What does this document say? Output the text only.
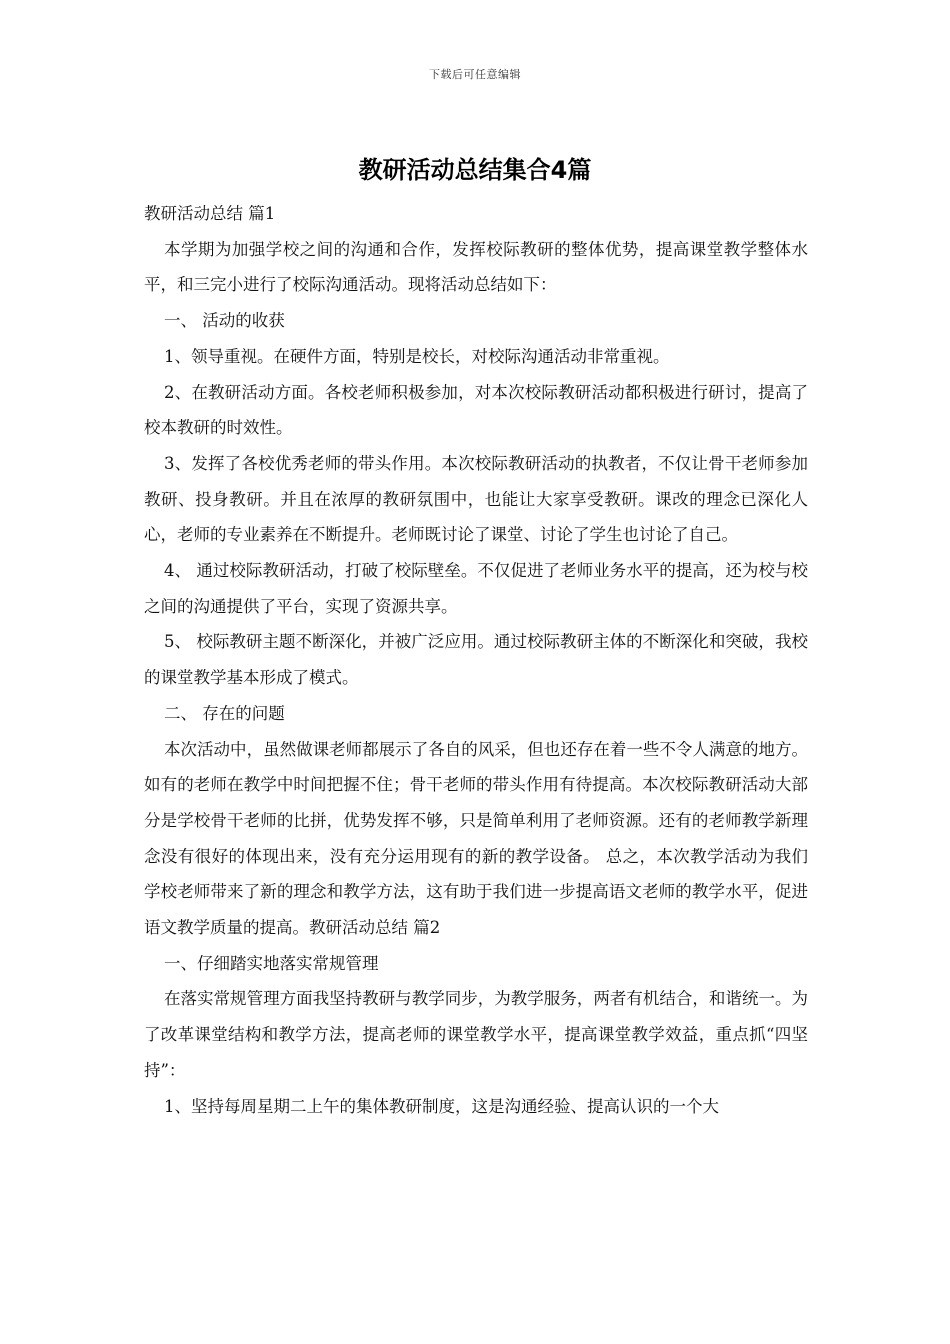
下载后可任意编辑
教研活动总结集合4篇

教研活动总结 篇1

本学期为加强学校之间的沟通和合作，发挥校际教研的整体优势，提高课堂教学整体水平，和三完小进行了校际沟通活动。现将活动总结如下：

一、 活动的收获

1、领导重视。在硬件方面，特别是校长，对校际沟通活动非常重视。

2、在教研活动方面。各校老师积极参加，对本次校际教研活动都积极进行研讨，提高了校本教研的时效性。

3、发挥了各校优秀老师的带头作用。本次校际教研活动的执教者，不仅让骨干老师参加教研、投身教研。并且在浓厚的教研氛围中，也能让大家享受教研。课改的理念已深化人心，老师的专业素养在不断提升。老师既讨论了课堂、讨论了学生也讨论了自己。

4、 通过校际教研活动，打破了校际壁垒。不仅促进了老师业务水平的提高，还为校与校之间的沟通提供了平台，实现了资源共享。

5、 校际教研主题不断深化，并被广泛应用。通过校际教研主体的不断深化和突破，我校的课堂教学基本形成了模式。

二、 存在的问题

本次活动中，虽然做课老师都展示了各自的风采，但也还存在着一些不令人满意的地方。如有的老师在教学中时间把握不住；骨干老师的带头作用有待提高。本次校际教研活动大部分是学校骨干老师的比拼，优势发挥不够，只是简单利用了老师资源。还有的老师教学新理念没有很好的体现出来，没有充分运用现有的新的教学设备。 总之，本次教学活动为我们学校老师带来了新的理念和教学方法，这有助于我们进一步提高语文老师的教学水平，促进语文教学质量的提高。教研活动总结 篇2

一、仔细踏实地落实常规管理

在落实常规管理方面我坚持教研与教学同步，为教学服务，两者有机结合，和谐统一。为了改革课堂结构和教学方法，提高老师的课堂教学水平，提高课堂教学效益，重点抓“四坚持”：

1、坚持每周星期二上午的集体教研制度，这是沟通经验、提高认识的一个大
